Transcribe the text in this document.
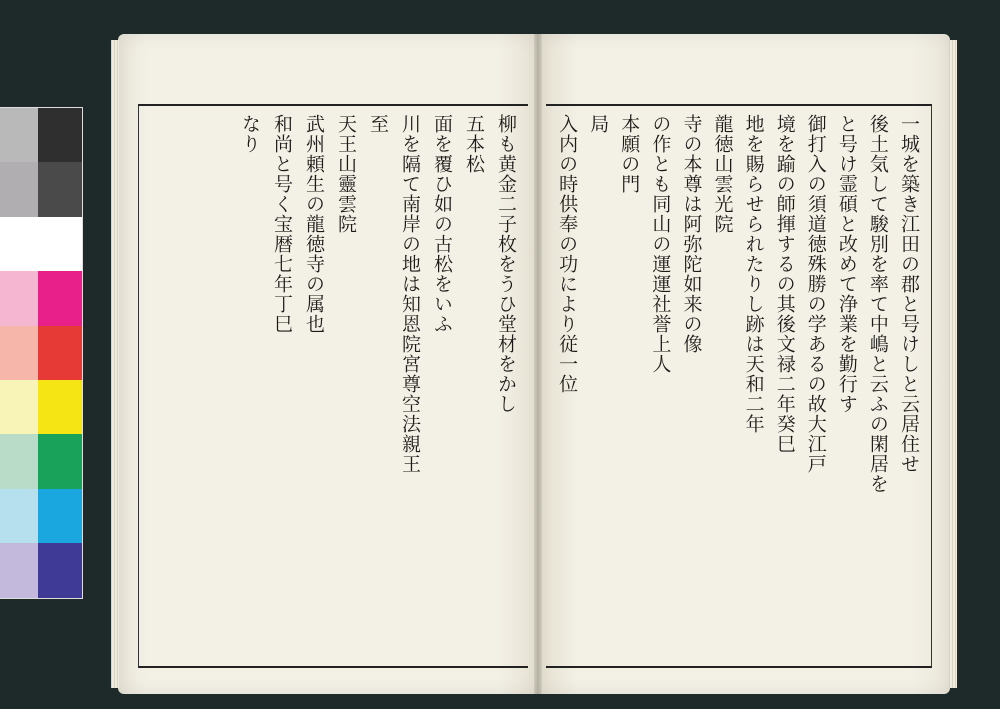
柳も黄金二子枚をうひ堂材をかし
五本松
面を覆ひ如の古松をいふ
川を隔て南岸の地は知恩院宮尊空法親王
至
天王山靈雲院
武州頼生の龍徳寺の属也
和尚と号く宝暦七年丁巳
なり	一城を築き江田の郡と号けしと云居住せ
後土気して駿別を率て中嶋と云ふの閑居を
と号け霊碩と改めて浄業を勤行す
御打入の須道徳殊勝の学あるの故大江戸
境を踰の師揮するの其後文禄二年癸巳
地を賜らせられたりし跡は天和二年
龍徳山雲光院
寺の本尊は阿弥陀如来の像
の作とも同山の運運社誉上人
本願の門
局
入内の時供奉の功により従一位
